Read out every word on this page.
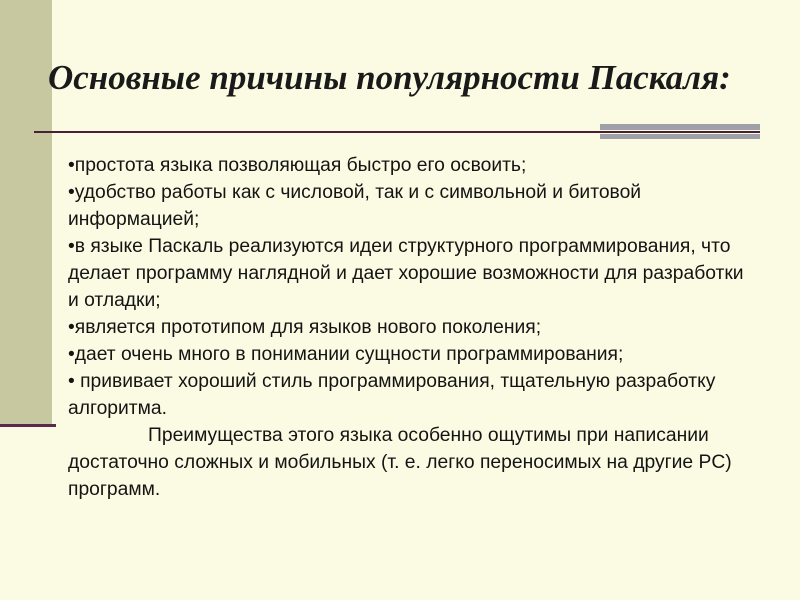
Основные причины популярности Паскаля:

•простота языка позволяющая быстро его освоить;

•удобство работы как с числовой, так и с символьной и битовой информацией;

•в языке Паскаль реализуются идеи структурного программирования, что делает программу наглядной и дает хорошие возможности для разработки и отладки;

•является прототипом для языков нового поколения;

•дает очень много в понимании сущности программирования;

• прививает хороший стиль программирования, тщательную разработку алгоритма.

Преимущества этого языка особенно ощутимы при написании достаточно сложных и мобильных (т. е. легко переносимых на другие PC) программ.
